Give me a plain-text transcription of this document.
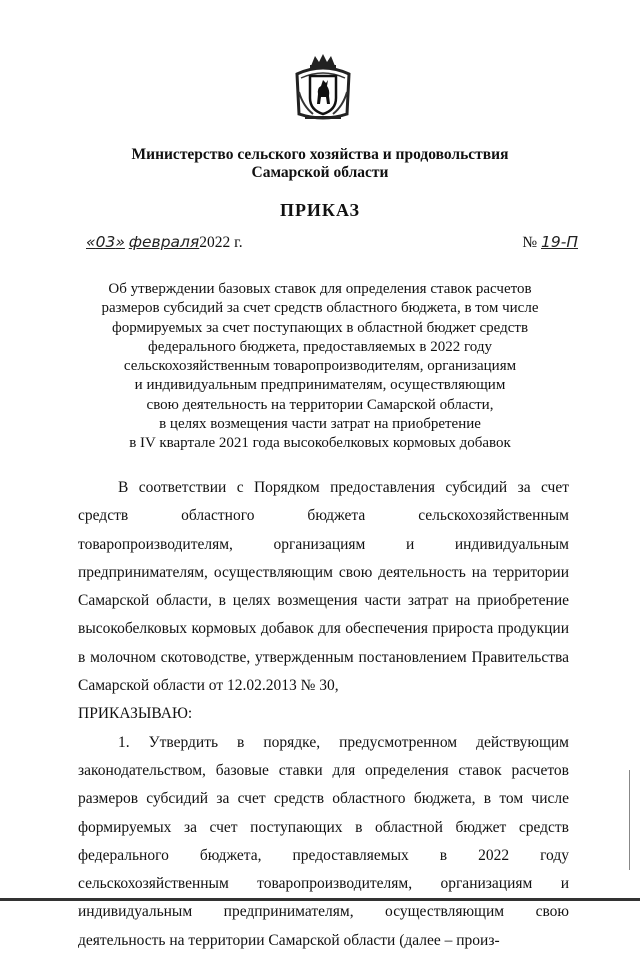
Министерство сельского хозяйства и продовольствия
Самарской области
ПРИКАЗ
«03» февраля2022 г.	№ 19-П
Об утверждении базовых ставок для определения ставок расчетов
размеров субсидий за счет средств областного бюджета, в том числе
формируемых за счет поступающих в областной бюджет средств
федерального бюджета, предоставляемых в 2022 году
сельскохозяйственным товаропроизводителям, организациям
и индивидуальным предпринимателям, осуществляющим
свою деятельность на территории Самарской области,
в целях возмещения части затрат на приобретение
в IV квартале 2021 года высокобелковых кормовых добавок

В соответствии с Порядком предоставления субсидий за счет средств областного бюджета сельскохозяйственным товаропроизводителям, организациям и индивидуальным предпринимателям, осуществляющим свою деятельность на территории Самарской области, в целях возмещения части затрат на приобретение высокобелковых кормовых добавок для обеспечения прироста продукции в молочном скотоводстве, утвержденным постановлением Правительства Самарской области от 12.02.2013 № 30,

ПРИКАЗЫВАЮ:

1. Утвердить в порядке, предусмотренном действующим законодательством, базовые ставки для определения ставок расчетов размеров субсидий за счет средств областного бюджета, в том числе формируемых за счет поступающих в областной бюджет средств федерального бюджета, предоставляемых в 2022 году сельскохозяйственным товаропроизводителям, организациям и индивидуальным предпринимателям, осуществляющим свою деятельность на территории Самарской области (далее – произ-
